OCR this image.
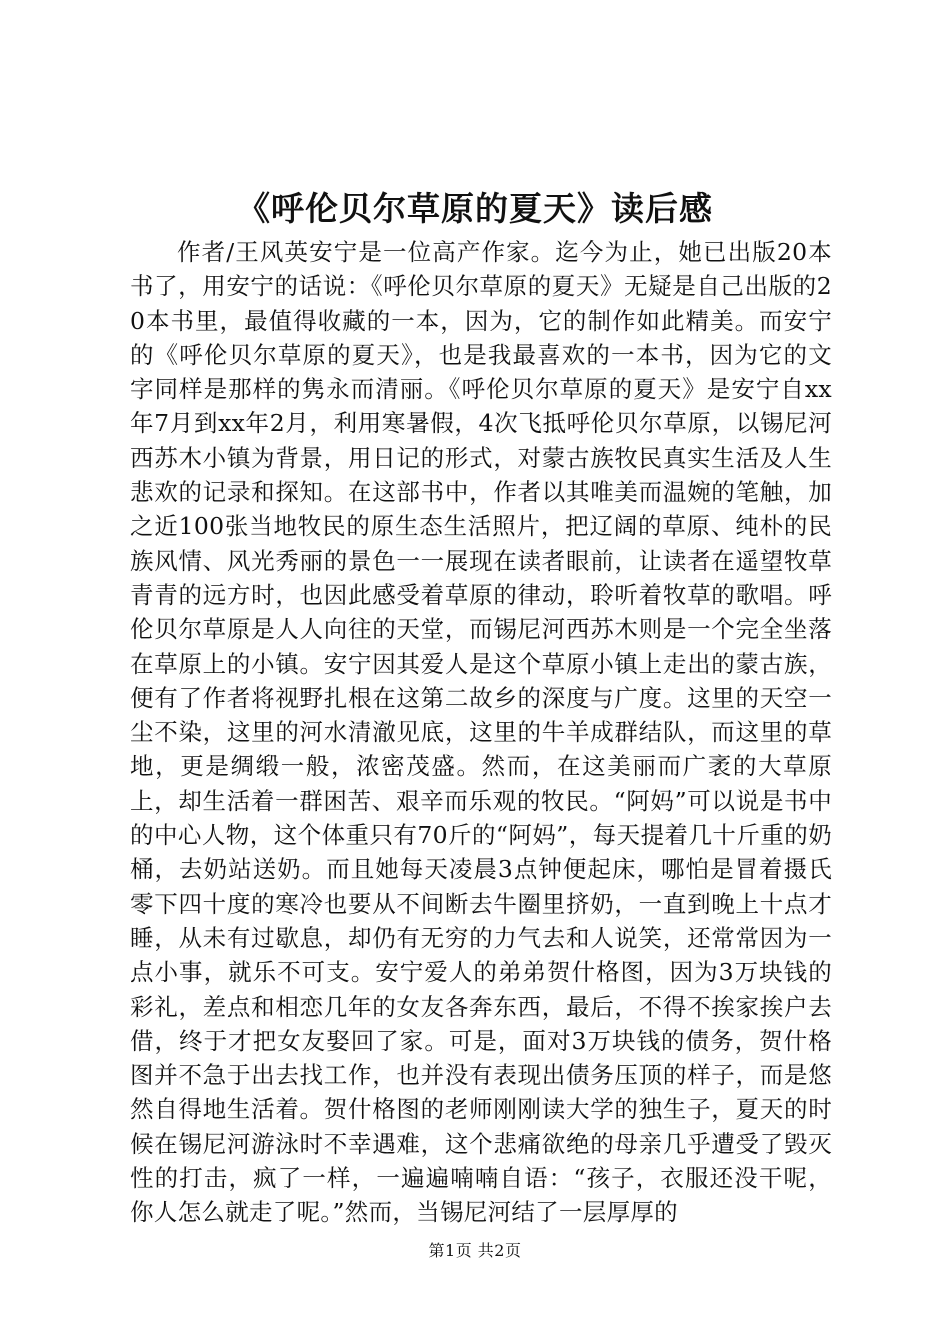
《呼伦贝尔草原的夏天》读后感

作者/王风英安宁是一位高产作家。迄今为止，她已出版20本书了，用安宁的话说：《呼伦贝尔草原的夏天》无疑是自己出版的20本书里，最值得收藏的一本，因为，它的制作如此精美。而安宁的《呼伦贝尔草原的夏天》，也是我最喜欢的一本书，因为它的文字同样是那样的隽永而清丽。《呼伦贝尔草原的夏天》是安宁自xx年7月到xx年2月，利用寒暑假，4次飞抵呼伦贝尔草原，以锡尼河西苏木小镇为背景，用日记的形式，对蒙古族牧民真实生活及人生悲欢的记录和探知。在这部书中，作者以其唯美而温婉的笔触，加之近100张当地牧民的原生态生活照片，把辽阔的草原、纯朴的民族风情、风光秀丽的景色一一展现在读者眼前，让读者在遥望牧草青青的远方时，也因此感受着草原的律动，聆听着牧草的歌唱。呼伦贝尔草原是人人向往的天堂，而锡尼河西苏木则是一个完全坐落在草原上的小镇。安宁因其爱人是这个草原小镇上走出的蒙古族，便有了作者将视野扎根在这第二故乡的深度与广度。这里的天空一尘不染，这里的河水清澈见底，这里的牛羊成群结队，而这里的草地，更是绸缎一般，浓密茂盛。然而，在这美丽而广袤的大草原上，却生活着一群困苦、艰辛而乐观的牧民。“阿妈”可以说是书中的中心人物，这个体重只有70斤的“阿妈”，每天提着几十斤重的奶桶，去奶站送奶。而且她每天凌晨3点钟便起床，哪怕是冒着摄氏零下四十度的寒冷也要从不间断去牛圈里挤奶，一直到晚上十点才睡，从未有过歇息，却仍有无穷的力气去和人说笑，还常常因为一点小事，就乐不可支。安宁爱人的弟弟贺什格图，因为3万块钱的彩礼，差点和相恋几年的女友各奔东西，最后，不得不挨家挨户去借，终于才把女友娶回了家。可是，面对3万块钱的债务，贺什格图并不急于出去找工作，也并没有表现出债务压顶的样子，而是悠然自得地生活着。贺什格图的老师刚刚读大学的独生子，夏天的时候在锡尼河游泳时不幸遇难，这个悲痛欲绝的母亲几乎遭受了毁灭性的打击，疯了一样，一遍遍喃喃自语：“孩子，衣服还没干呢，你人怎么就走了呢。”然而，当锡尼河结了一层厚厚的

第1页 共2页
